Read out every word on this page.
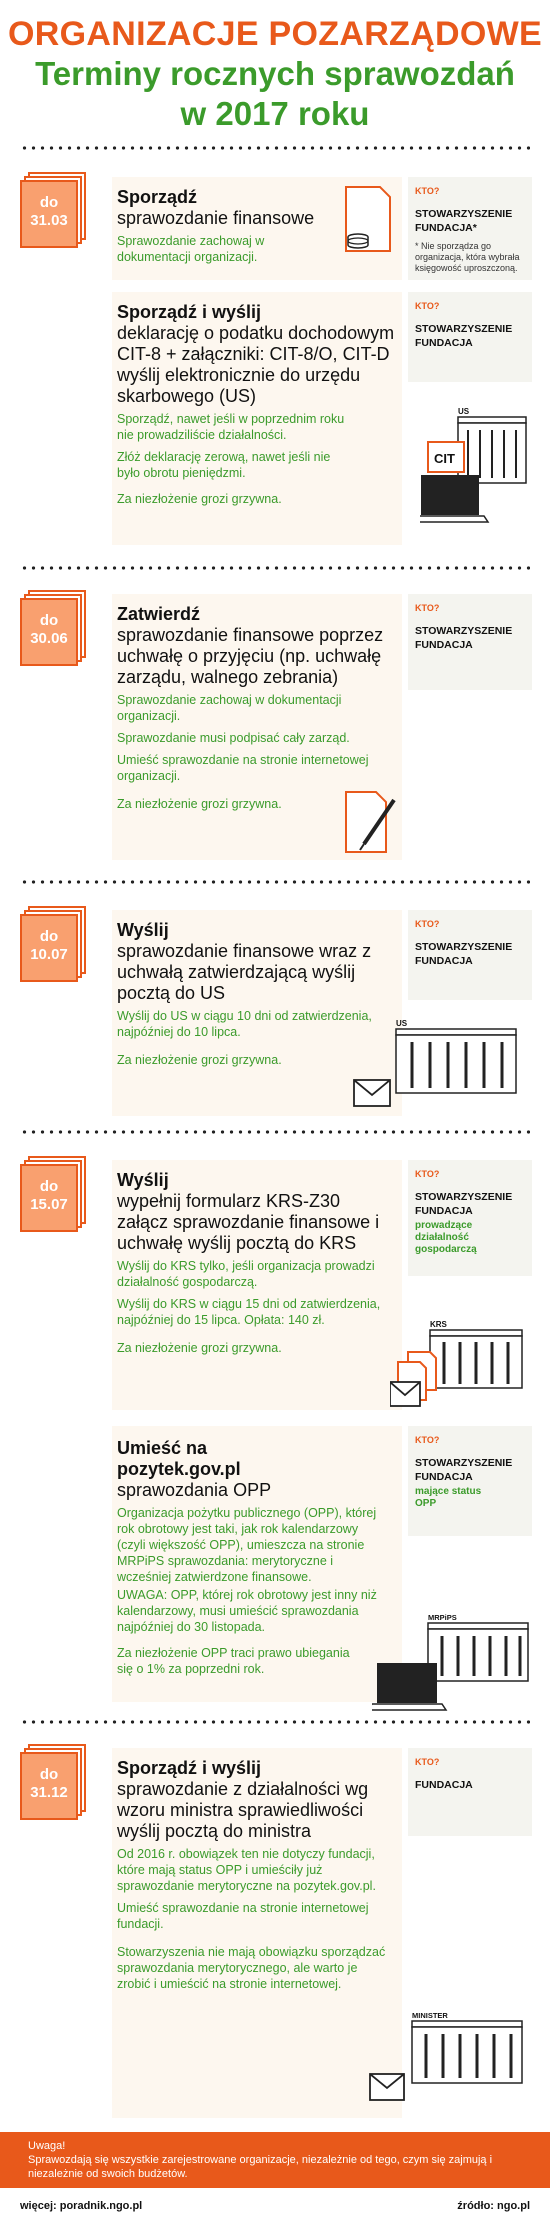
ORGANIZACJE POZARZĄDOWE
Terminy rocznych sprawozdań
w 2017 roku
do
31.03
Sporządź
sprawozdanie finansowe
Sprawozdanie zachowaj w dokumentacji organizacji.
KTO?
STOWARZYSZENIE FUNDACJA*
* Nie sporządza go organizacja, która wybrała księgowość uproszczoną.
Sporządź i wyślij
deklarację o podatku dochodowym CIT-8 + załączniki: CIT-8/O, CIT-D wyślij elektronicznie do urzędu skarbowego (US)
Sporządź, nawet jeśli w poprzednim roku nie prowadziliście działalności.
Złóż deklarację zerową, nawet jeśli nie było obrotu pieniędzmi.
Za niezłożenie grozi grzywna.
KTO?
STOWARZYSZENIE FUNDACJA
US
CIT
do
30.06
Zatwierdź
sprawozdanie finansowe poprzez uchwałę o przyjęciu (np. uchwałę zarządu, walnego zebrania)
Sprawozdanie zachowaj w dokumentacji organizacji.
Sprawozdanie musi podpisać cały zarząd.
Umieść sprawozdanie na stronie internetowej organizacji.
Za niezłożenie grozi grzywna.
KTO?
STOWARZYSZENIE FUNDACJA
do
10.07
Wyślij
sprawozdanie finansowe wraz z uchwałą zatwierdzającą wyślij pocztą do US
Wyślij do US w ciągu 10 dni od zatwierdzenia, najpóźniej do 10 lipca.
Za niezłożenie grozi grzywna.
KTO?
STOWARZYSZENIE FUNDACJA
US
do
15.07
Wyślij
wypełnij formularz KRS-Z30 załącz sprawozdanie finansowe i uchwałę wyślij pocztą do KRS
Wyślij do KRS tylko, jeśli organizacja prowadzi działalność gospodarczą.
Wyślij do KRS w ciągu 15 dni od zatwierdzenia, najpóźniej do 15 lipca. Opłata: 140 zł.
Za niezłożenie grozi grzywna.
KTO?
STOWARZYSZENIE FUNDACJA
prowadzące działalność gospodarczą
KRS
Umieść na pozytek.gov.pl
sprawozdania OPP
Organizacja pożytku publicznego (OPP), której rok obrotowy jest taki, jak rok kalendarzowy (czyli większość OPP), umieszcza na stronie MRPiPS sprawozdania: merytoryczne i wcześniej zatwierdzone finansowe.
UWAGA: OPP, której rok obrotowy jest inny niż kalendarzowy, musi umieścić sprawozdania najpóźniej do 30 listopada.
Za niezłożenie OPP traci prawo ubiegania się o 1% za poprzedni rok.
KTO?
STOWARZYSZENIE FUNDACJA
mające status OPP
MRPiPS
do
31.12
Sporządź i wyślij
sprawozdanie z działalności wg wzoru ministra sprawiedliwości wyślij pocztą do ministra
Od 2016 r. obowiązek ten nie dotyczy fundacji, które mają status OPP i umieściły już sprawozdanie merytoryczne na pozytek.gov.pl.
Umieść sprawozdanie na stronie internetowej fundacji.
Stowarzyszenia nie mają obowiązku sporządzać sprawozdania merytorycznego, ale warto je zrobić i umieścić na stronie internetowej.
KTO?
FUNDACJA
MINISTER
Uwaga!
Sprawozdają się wszystkie zarejestrowane organizacje, niezależnie od tego, czym się zajmują i niezależnie od swoich budżetów.
więcej: poradnik.ngo.pl	źródło: ngo.pl
